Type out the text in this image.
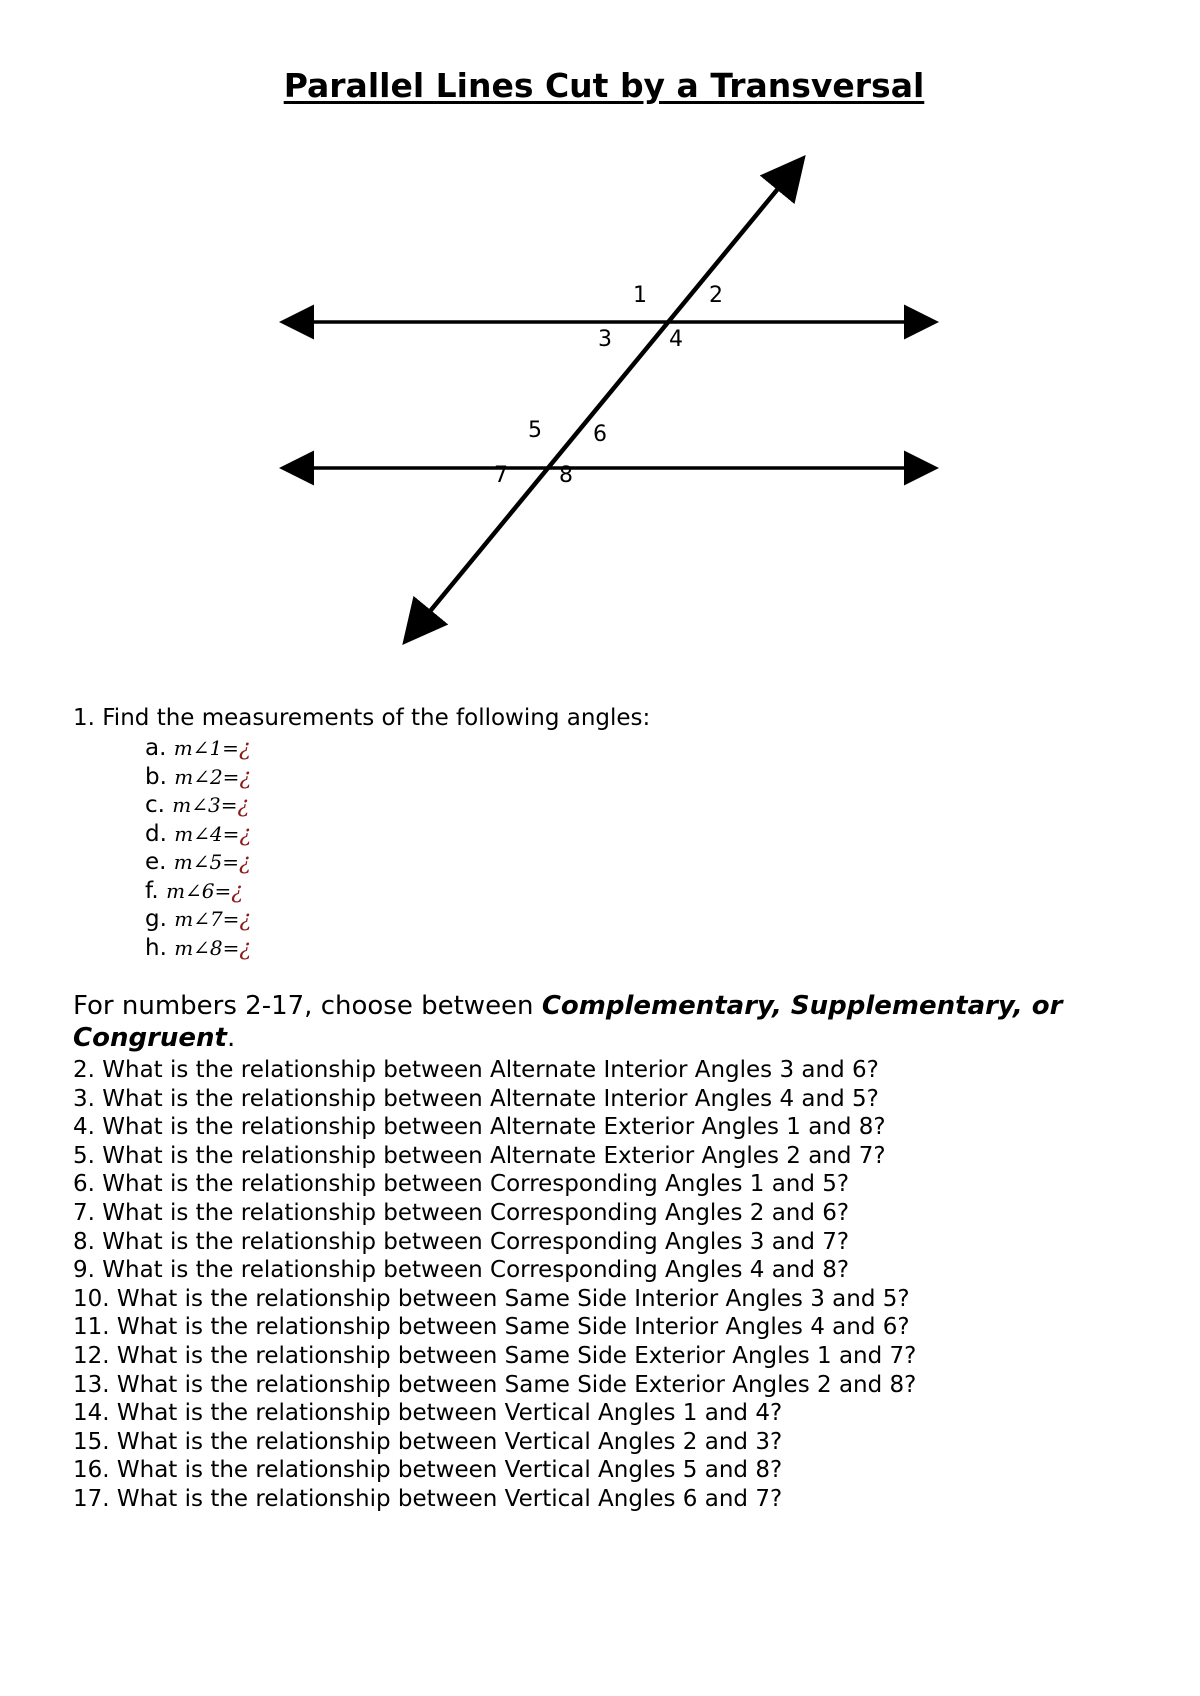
Parallel Lines Cut by a Transversal
1	2
3	4
5 6
7 8
1. Find the measurements of the following angles:
a. m∠1=¿
b. m∠2=¿
c. m∠3=¿
d. m∠4=¿
e. m∠5=¿
f. m∠6=¿
g. m∠7=¿
h. m∠8=¿
For numbers 2-17, choose between Complementary, Supplementary, or Congruent.
2. What is the relationship between Alternate Interior Angles 3 and 6?
3. What is the relationship between Alternate Interior Angles 4 and 5?
4. What is the relationship between Alternate Exterior Angles 1 and 8?
5. What is the relationship between Alternate Exterior Angles 2 and 7?
6. What is the relationship between Corresponding Angles 1 and 5?
7. What is the relationship between Corresponding Angles 2 and 6?
8. What is the relationship between Corresponding Angles 3 and 7?
9. What is the relationship between Corresponding Angles 4 and 8?
10. What is the relationship between Same Side Interior Angles 3 and 5?
11. What is the relationship between Same Side Interior Angles 4 and 6?
12. What is the relationship between Same Side Exterior Angles 1 and 7?
13. What is the relationship between Same Side Exterior Angles 2 and 8?
14. What is the relationship between Vertical Angles 1 and 4?
15. What is the relationship between Vertical Angles 2 and 3?
16. What is the relationship between Vertical Angles 5 and 8?
17. What is the relationship between Vertical Angles 6 and 7?
